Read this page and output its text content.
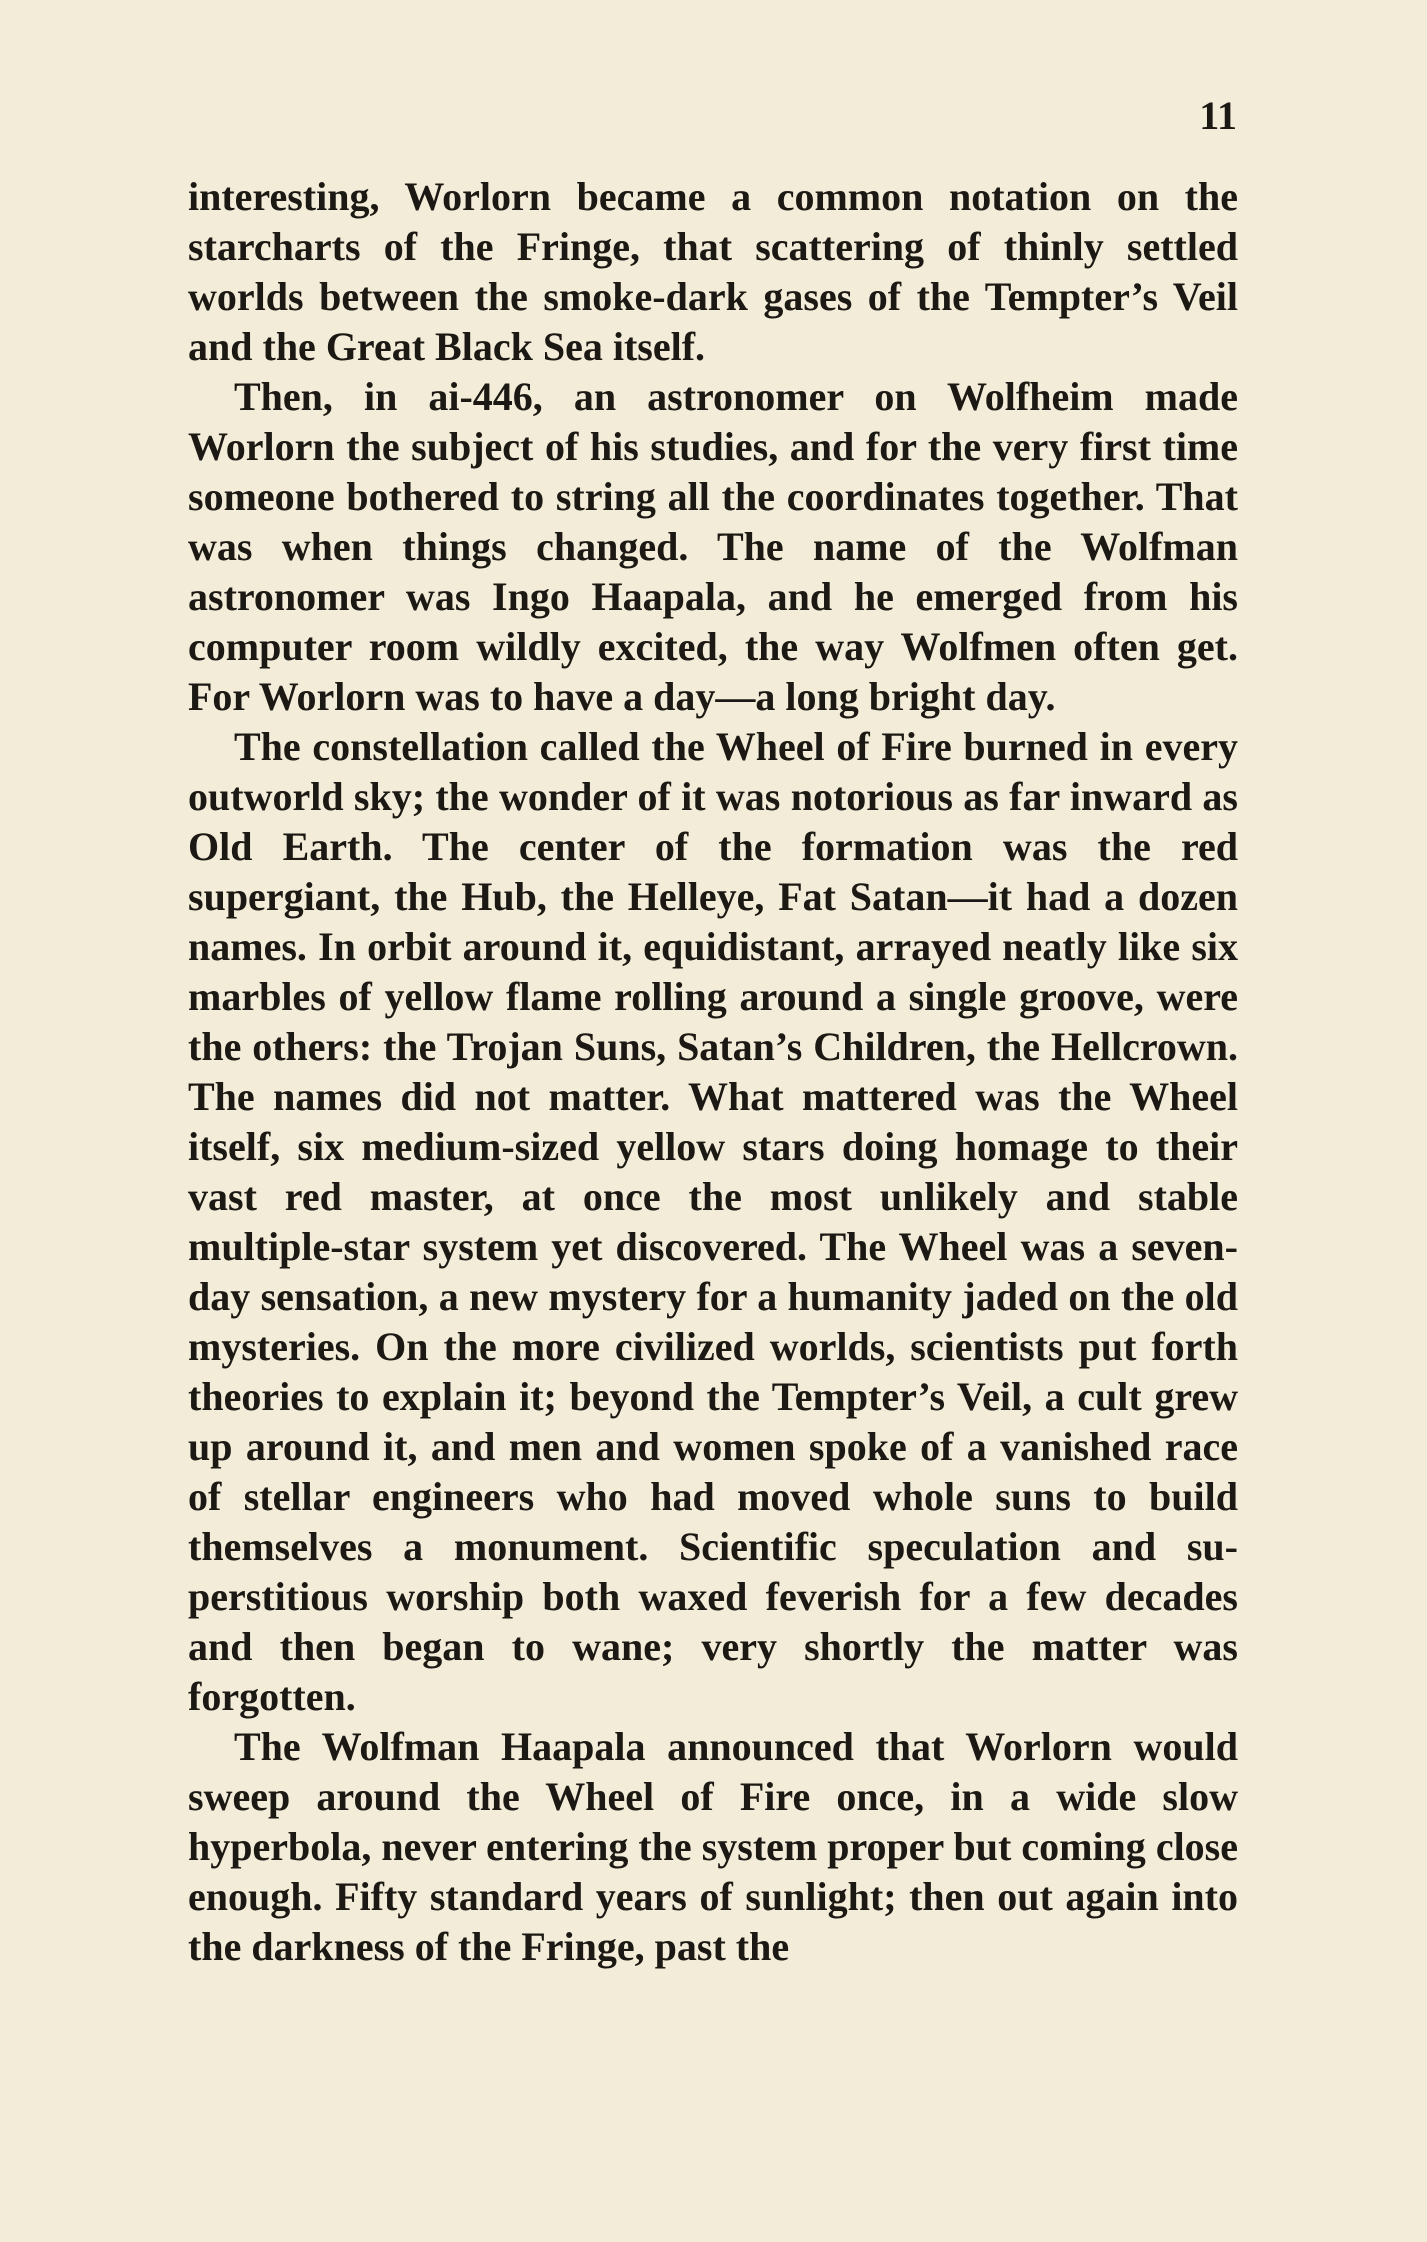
11

interesting, Worlorn became a common notation on the starcharts of the Fringe, that scattering of thinly settled worlds between the smoke-dark gases of the Tempter’s Veil and the Great Black Sea itself.

Then, in ai-446, an astronomer on Wolfheim made Worlorn the subject of his studies, and for the very first time someone bothered to string all the coordinates together. That was when things changed. The name of the Wolfman astronomer was Ingo Haapala, and he emerged from his computer room wildly excited, the way Wolfmen often get. For Worlorn was to have a day—a long bright day.

The constellation called the Wheel of Fire burned in every outworld sky; the wonder of it was notorious as far inward as Old Earth. The center of the formation was the red supergiant, the Hub, the Helleye, Fat Satan—it had a dozen names. In orbit around it, equidistant, arrayed neatly like six marbles of yellow flame rolling around a single groove, were the others: the Trojan Suns, Satan’s Children, the Hellcrown. The names did not matter. What mattered was the Wheel itself, six medium-sized yellow stars doing homage to their vast red master, at once the most unlikely and stable multiple-star system yet discovered. The Wheel was a seven-day sensation, a new mystery for a humanity jaded on the old mysteries. On the more civilized worlds, scientists put forth theories to explain it; beyond the Tempter’s Veil, a cult grew up around it, and men and women spoke of a vanished race of stellar engineers who had moved whole suns to build themselves a monument. Scientific speculation and superstitious worship both waxed feverish for a few decades and then began to wane; very shortly the matter was forgotten.

The Wolfman Haapala announced that Worlorn would sweep around the Wheel of Fire once, in a wide slow hyperbola, never entering the system proper but coming close enough. Fifty standard years of sunlight; then out again into the darkness of the Fringe, past the
